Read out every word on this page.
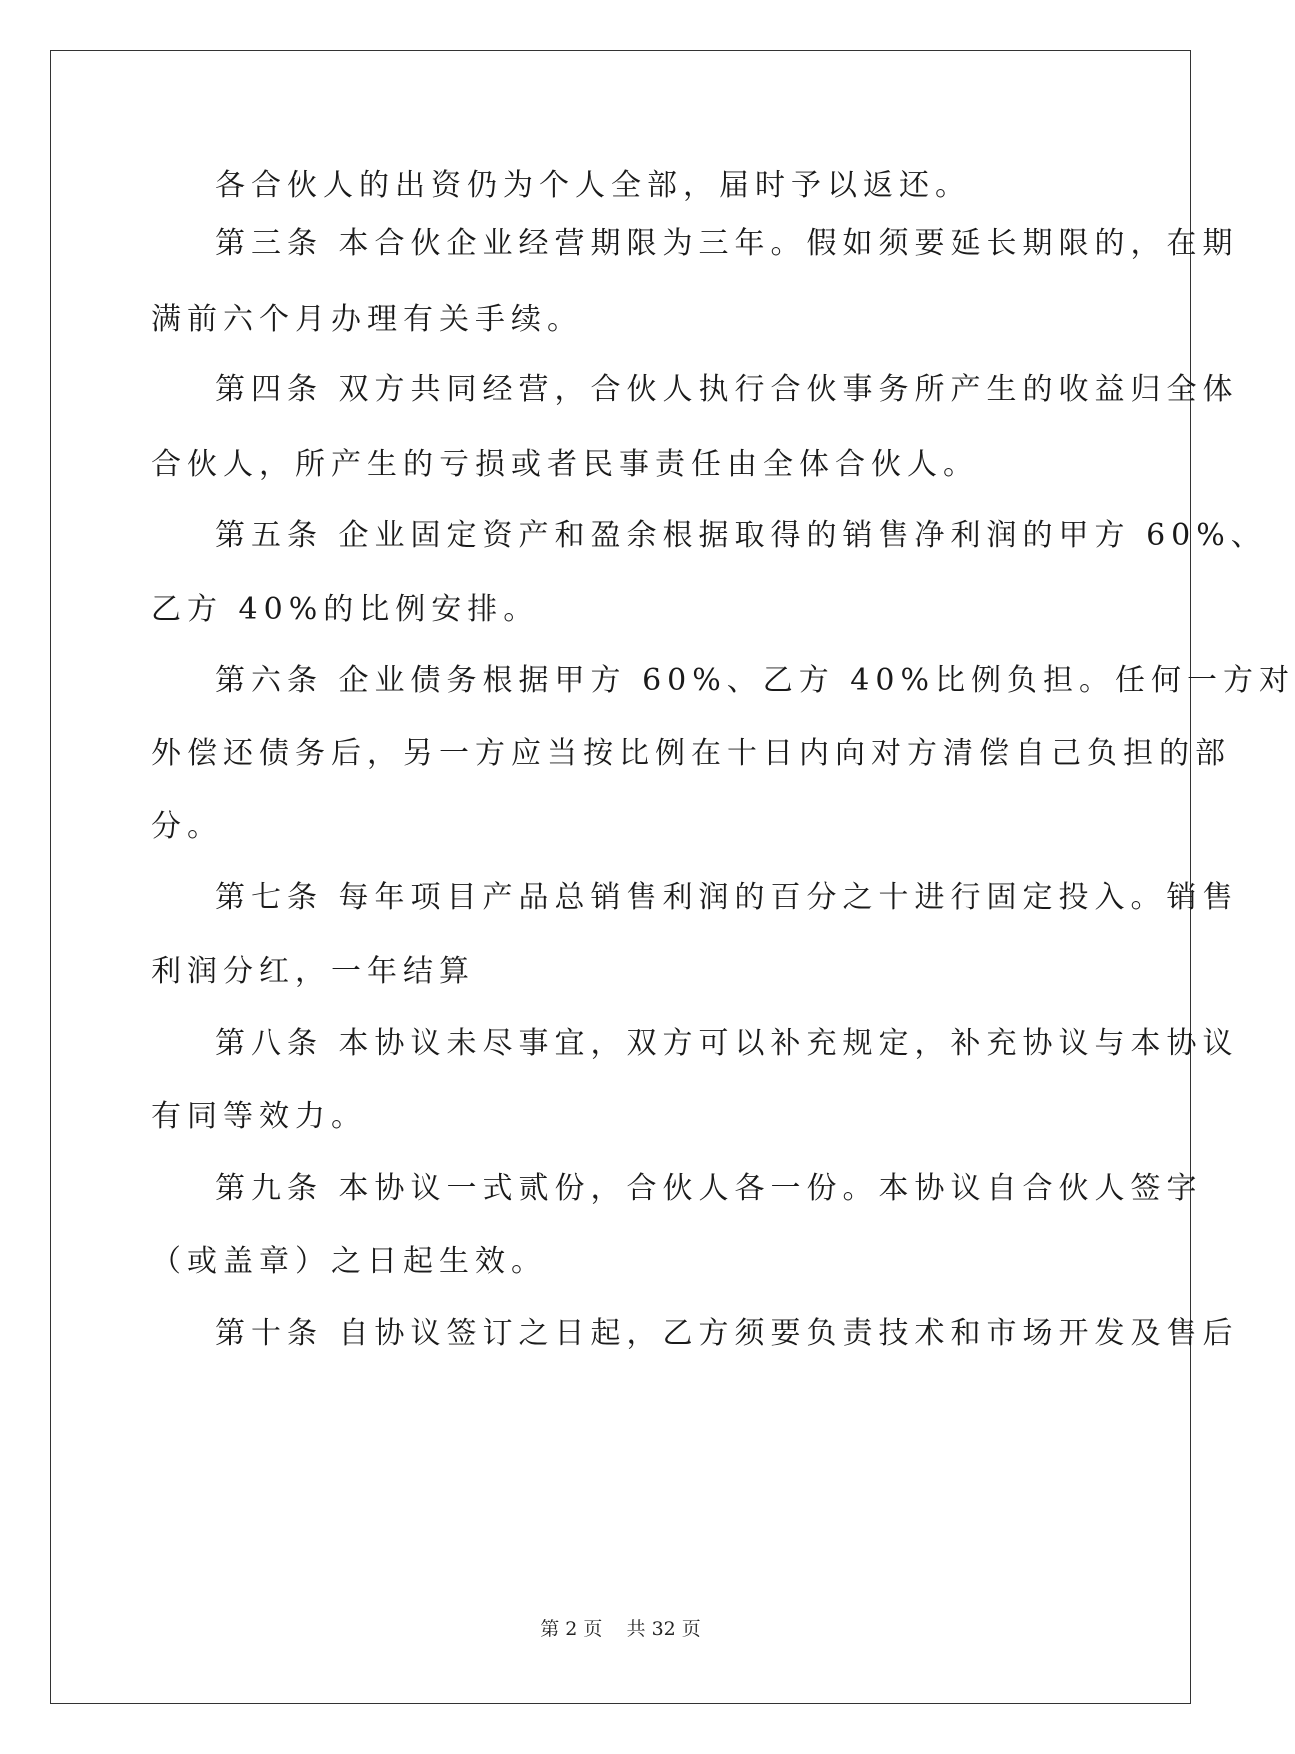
各合伙人的出资仍为个人全部，届时予以返还。
第三条 本合伙企业经营期限为三年。假如须要延长期限的，在期
满前六个月办理有关手续。
第四条 双方共同经营，合伙人执行合伙事务所产生的收益归全体
合伙人，所产生的亏损或者民事责任由全体合伙人。
第五条 企业固定资产和盈余根据取得的销售净利润的甲方 60%、
乙方 40%的比例安排。
第六条 企业债务根据甲方 60%、乙方 40%比例负担。任何一方对
外偿还债务后，另一方应当按比例在十日内向对方清偿自己负担的部
分。
第七条 每年项目产品总销售利润的百分之十进行固定投入。销售
利润分红，一年结算
第八条 本协议未尽事宜，双方可以补充规定，补充协议与本协议
有同等效力。
第九条 本协议一式贰份，合伙人各一份。本协议自合伙人签字
（或盖章）之日起生效。
第十条 自协议签订之日起，乙方须要负责技术和市场开发及售后
第 2 页    共 32 页
